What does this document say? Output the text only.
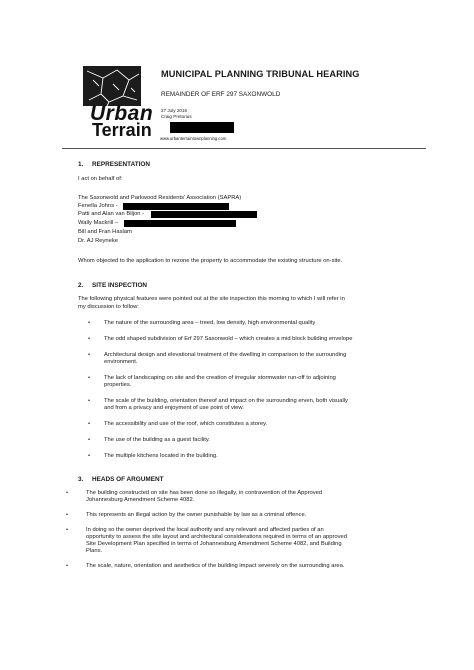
Urban
Terrain
MUNICIPAL PLANNING TRIBUNAL HEARING
REMAINDER OF ERF 297 SAXONWOLD
27 July 2016
Craig Pretorius
www.urbanterraintownplanning.com
1. REPRESENTATION
I act on behalf of:
The Saxonwold and Parkwood Residents' Association (SAPRA)
Fenella Johns -
Patti and Alan van Biljon -
Wally Mackrill –
Bill and Fran Haslam
Dr. AJ Reyneke
Whom objected to the application to rezone the property to accommodate the existing structure on-site.
2. SITE INSPECTION
The following physical features were pointed out at the site inspection this morning to which I will refer in
my discussion to follow:
• The nature of the surrounding area – treed, low density, high environmental quality
• The odd shaped subdivision of Erf 297 Saxonwold – which creates a mid block building envelope
• Architectural design and elevational treatment of the dwelling in comparison to the surrounding
environment.
• The lack of landscaping on site and the creation of irregular stormwater run-off to adjoining
properties.
• The scale of the building, orientation thereof and impact on the surrounding erven, both visually
and from a privacy and enjoyment of use point of view.
• The accessibility and use of the roof, which constitutes a storey.
• The use of the building as a guest facility.
• The multiple kitchens located in the building.
3. HEADS OF ARGUMENT
•	The building constructed on site has been done so illegally, in contravention of the Approved
Johannesburg Amendment Scheme 4082.
•	This represents an illegal action by the owner punishable by law as a criminal offence.
•	In doing so the owner deprived the local authority and any relevant and affected parties of an
opportunity to assess the site layout and architectural considerations required in terms of an approved
Site Development Plan specified in terms of Johannesburg Amendment Scheme 4082, and Building
Plans.
•	The scale, nature, orientation and aesthetics of the building impact severely on the surrounding area.
